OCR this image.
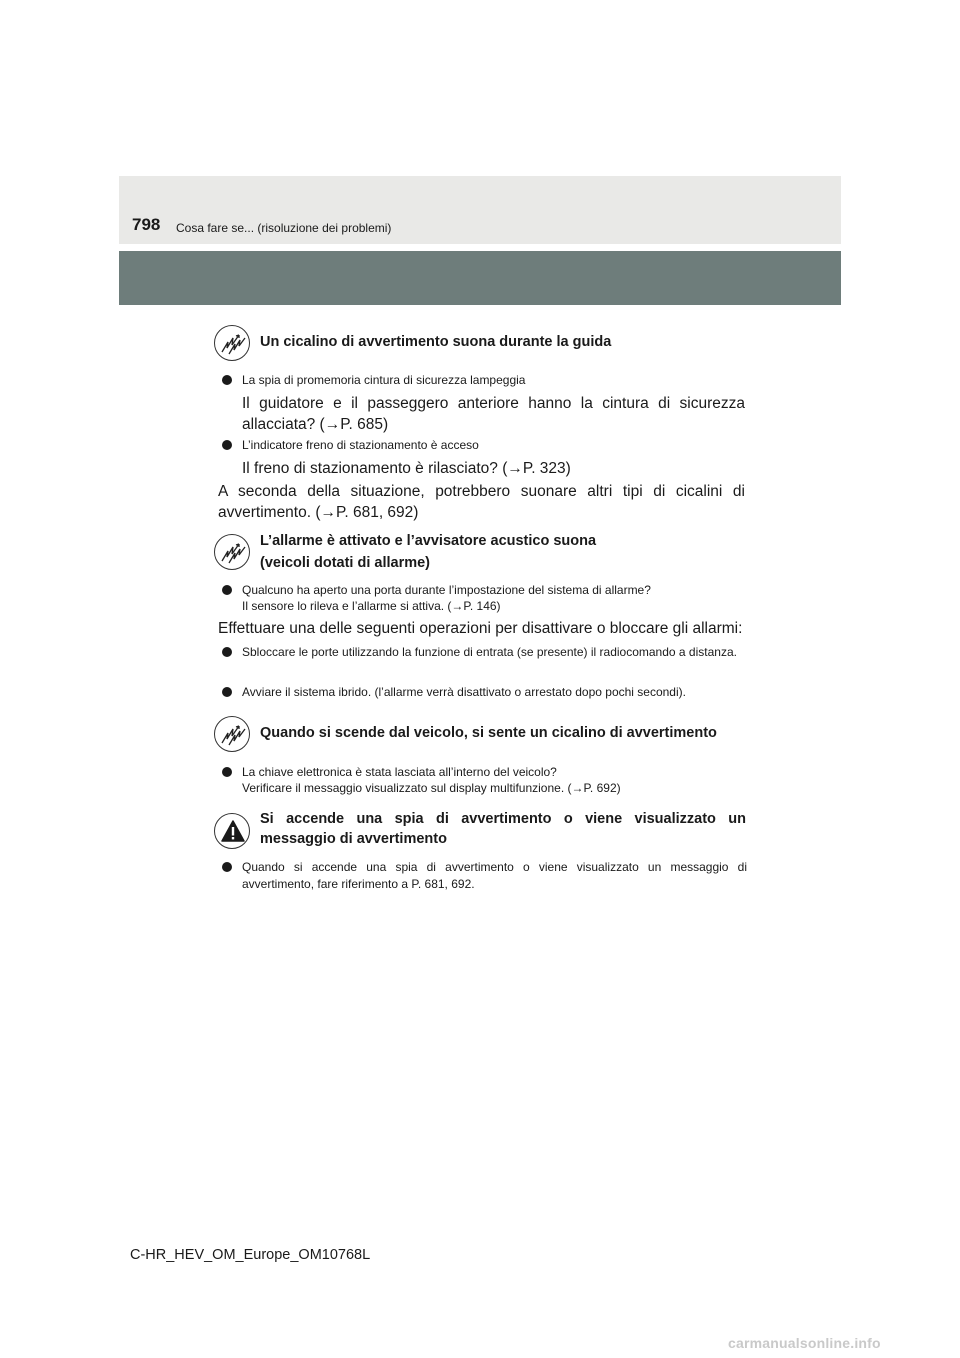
798 Cosa fare se... (risoluzione dei problemi)
Un cicalino di avvertimento suona durante la guida
La spia di promemoria cintura di sicurezza lampeggia
Il guidatore e il passeggero anteriore hanno la cintura di sicurezza allacciata? (→P. 685)
L’indicatore freno di stazionamento è acceso
Il freno di stazionamento è rilasciato? (→P. 323)
A seconda della situazione, potrebbero suonare altri tipi di cicalini di avvertimento. (→P. 681, 692)
L’allarme è attivato e l’avvisatore acustico suona
(veicoli dotati di allarme)
Qualcuno ha aperto una porta durante l’impostazione del sistema di allarme?
Il sensore lo rileva e l’allarme si attiva. (→P. 146)
Effettuare una delle seguenti operazioni per disattivare o bloccare gli allarmi:
Sbloccare le porte utilizzando la funzione di entrata (se presente) il radiocomando a distanza.
Avviare il sistema ibrido. (l’allarme verrà disattivato o arrestato dopo pochi secondi).
Quando si scende dal veicolo, si sente un cicalino di avvertimento
La chiave elettronica è stata lasciata all’interno del veicolo?
Verificare il messaggio visualizzato sul display multifunzione. (→P. 692)
Si accende una spia di avvertimento o viene visualizzato un
messaggio di avvertimento
Quando si accende una spia di avvertimento o viene visualizzato un messaggio di avvertimento, fare riferimento a P. 681, 692.
C-HR_HEV_OM_Europe_OM10768L
carmanualsonline.info
